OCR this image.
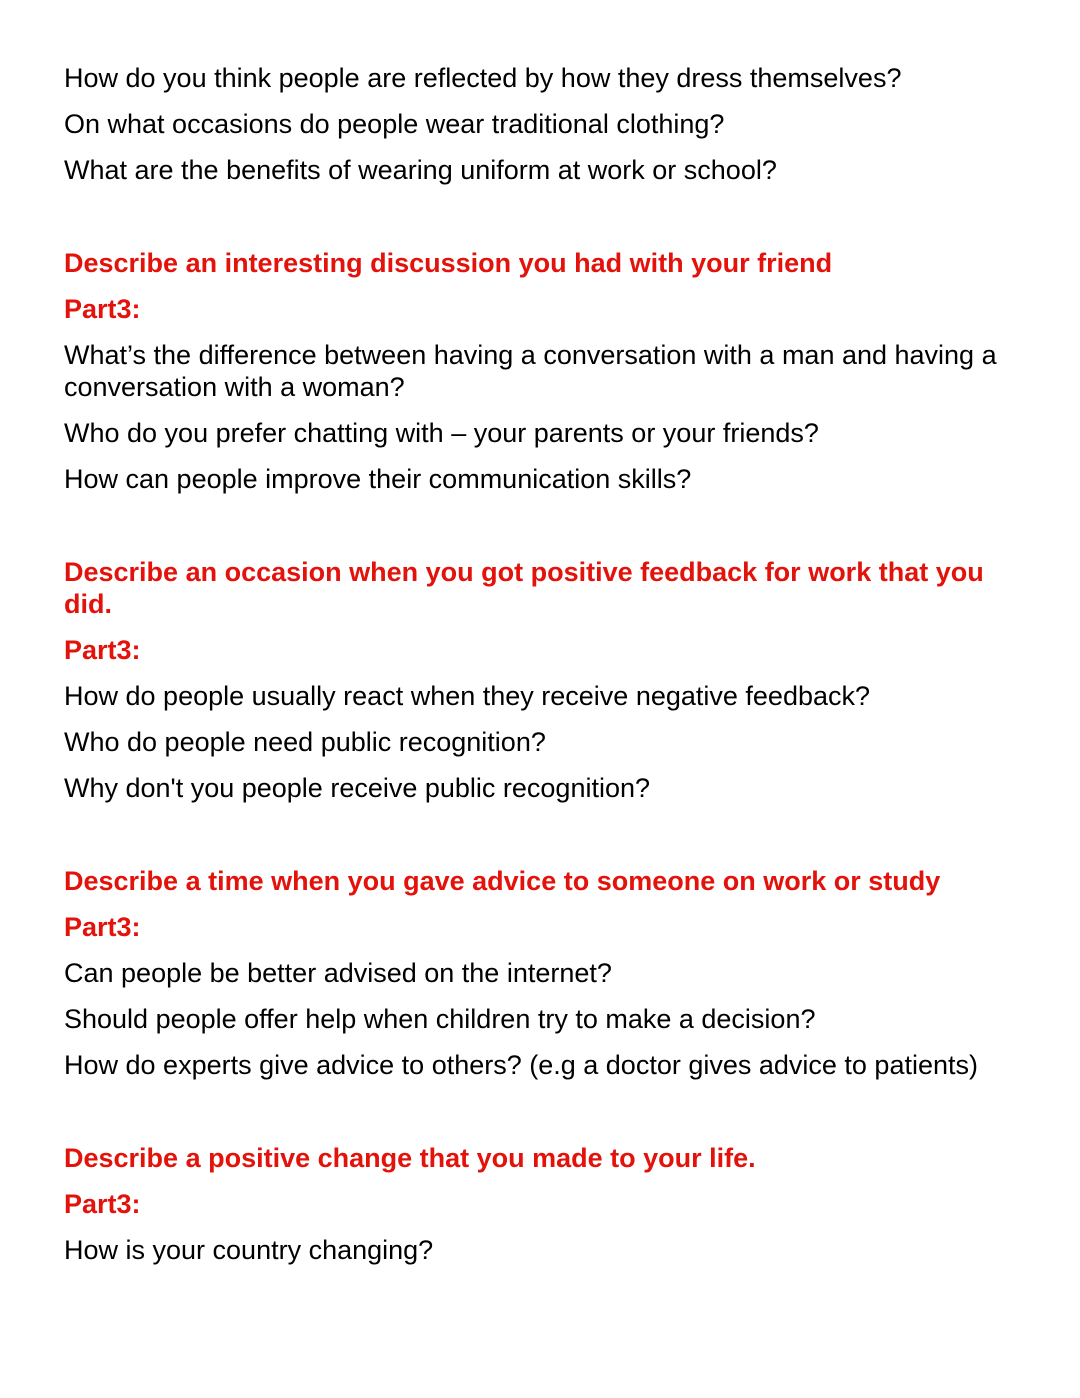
How do you think people are reflected by how they dress themselves?

On what occasions do people wear traditional clothing?

What are the benefits of wearing uniform at work or school?

Describe an interesting discussion you had with your friend

Part3:

What’s the difference between having a conversation with a man and having a conversation with a woman?

Who do you prefer chatting with – your parents or your friends?

How can people improve their communication skills?

Describe an occasion when you got positive feedback for work that you did.

Part3:

How do people usually react when they receive negative feedback?

Who do people need public recognition?

Why don't you people receive public recognition?

Describe a time when you gave advice to someone on work or study

Part3:

Can people be better advised on the internet?

Should people offer help when children try to make a decision?

How do experts give advice to others? (e.g a doctor gives advice to patients)

Describe a positive change that you made to your life.

Part3:

How is your country changing?
